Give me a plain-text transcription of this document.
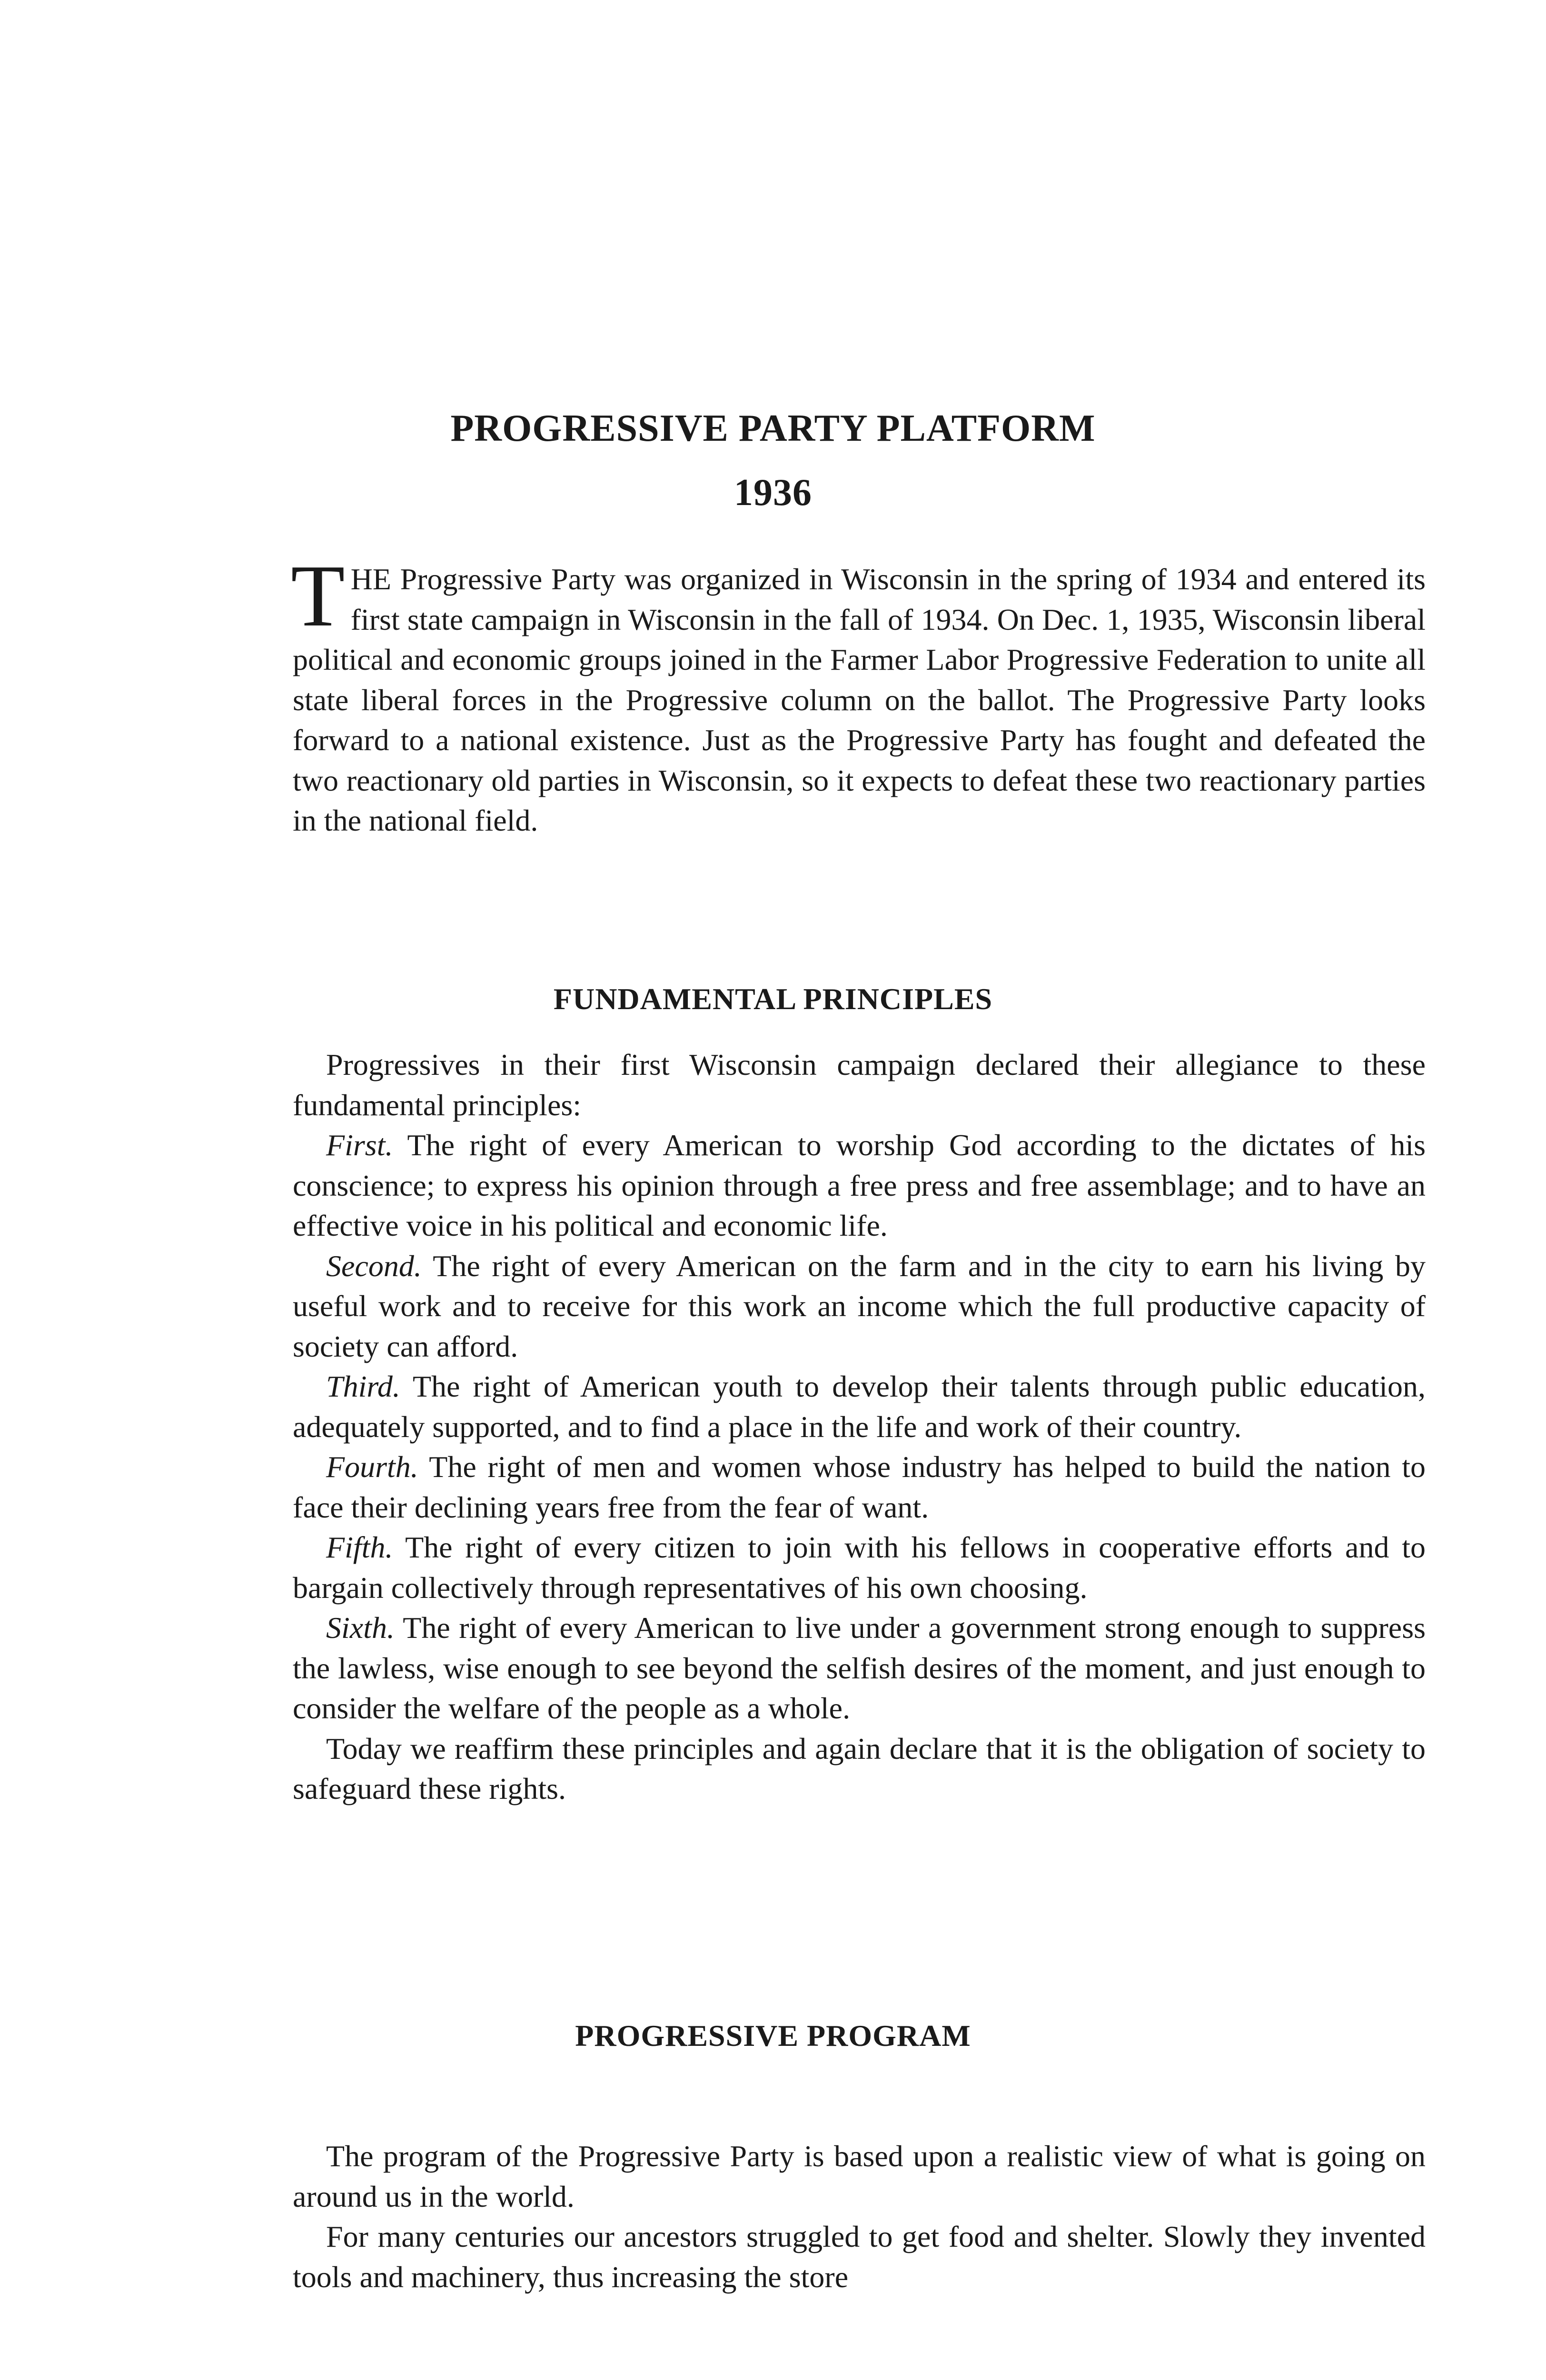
PROGRESSIVE PARTY PLATFORM
1936

THE Progressive Party was organized in Wisconsin in the spring of 1934 and entered its first state campaign in Wisconsin in the fall of 1934. On Dec. 1, 1935, Wisconsin liberal political and economic groups joined in the Farmer Labor Progressive Federation to unite all state liberal forces in the Progressive column on the ballot. The Progressive Party looks forward to a national existence. Just as the Progressive Party has fought and defeated the two reactionary old parties in Wisconsin, so it expects to defeat these two reactionary parties in the national field.

FUNDAMENTAL PRINCIPLES

Progressives in their first Wisconsin campaign declared their allegiance to these fundamental principles:

First. The right of every American to worship God according to the dictates of his conscience; to express his opinion through a free press and free assemblage; and to have an effective voice in his political and economic life.

Second. The right of every American on the farm and in the city to earn his living by useful work and to receive for this work an income which the full productive capacity of society can afford.

Third. The right of American youth to develop their talents through public education, adequately supported, and to find a place in the life and work of their country.

Fourth. The right of men and women whose industry has helped to build the nation to face their declining years free from the fear of want.

Fifth. The right of every citizen to join with his fellows in cooperative efforts and to bargain collectively through representatives of his own choosing.

Sixth. The right of every American to live under a government strong enough to suppress the lawless, wise enough to see beyond the selfish desires of the moment, and just enough to consider the welfare of the people as a whole.

Today we reaffirm these principles and again declare that it is the obligation of society to safeguard these rights.

PROGRESSIVE PROGRAM

The program of the Progressive Party is based upon a realistic view of what is going on around us in the world.

For many centuries our ancestors struggled to get food and shelter. Slowly they invented tools and machinery, thus increasing the store
